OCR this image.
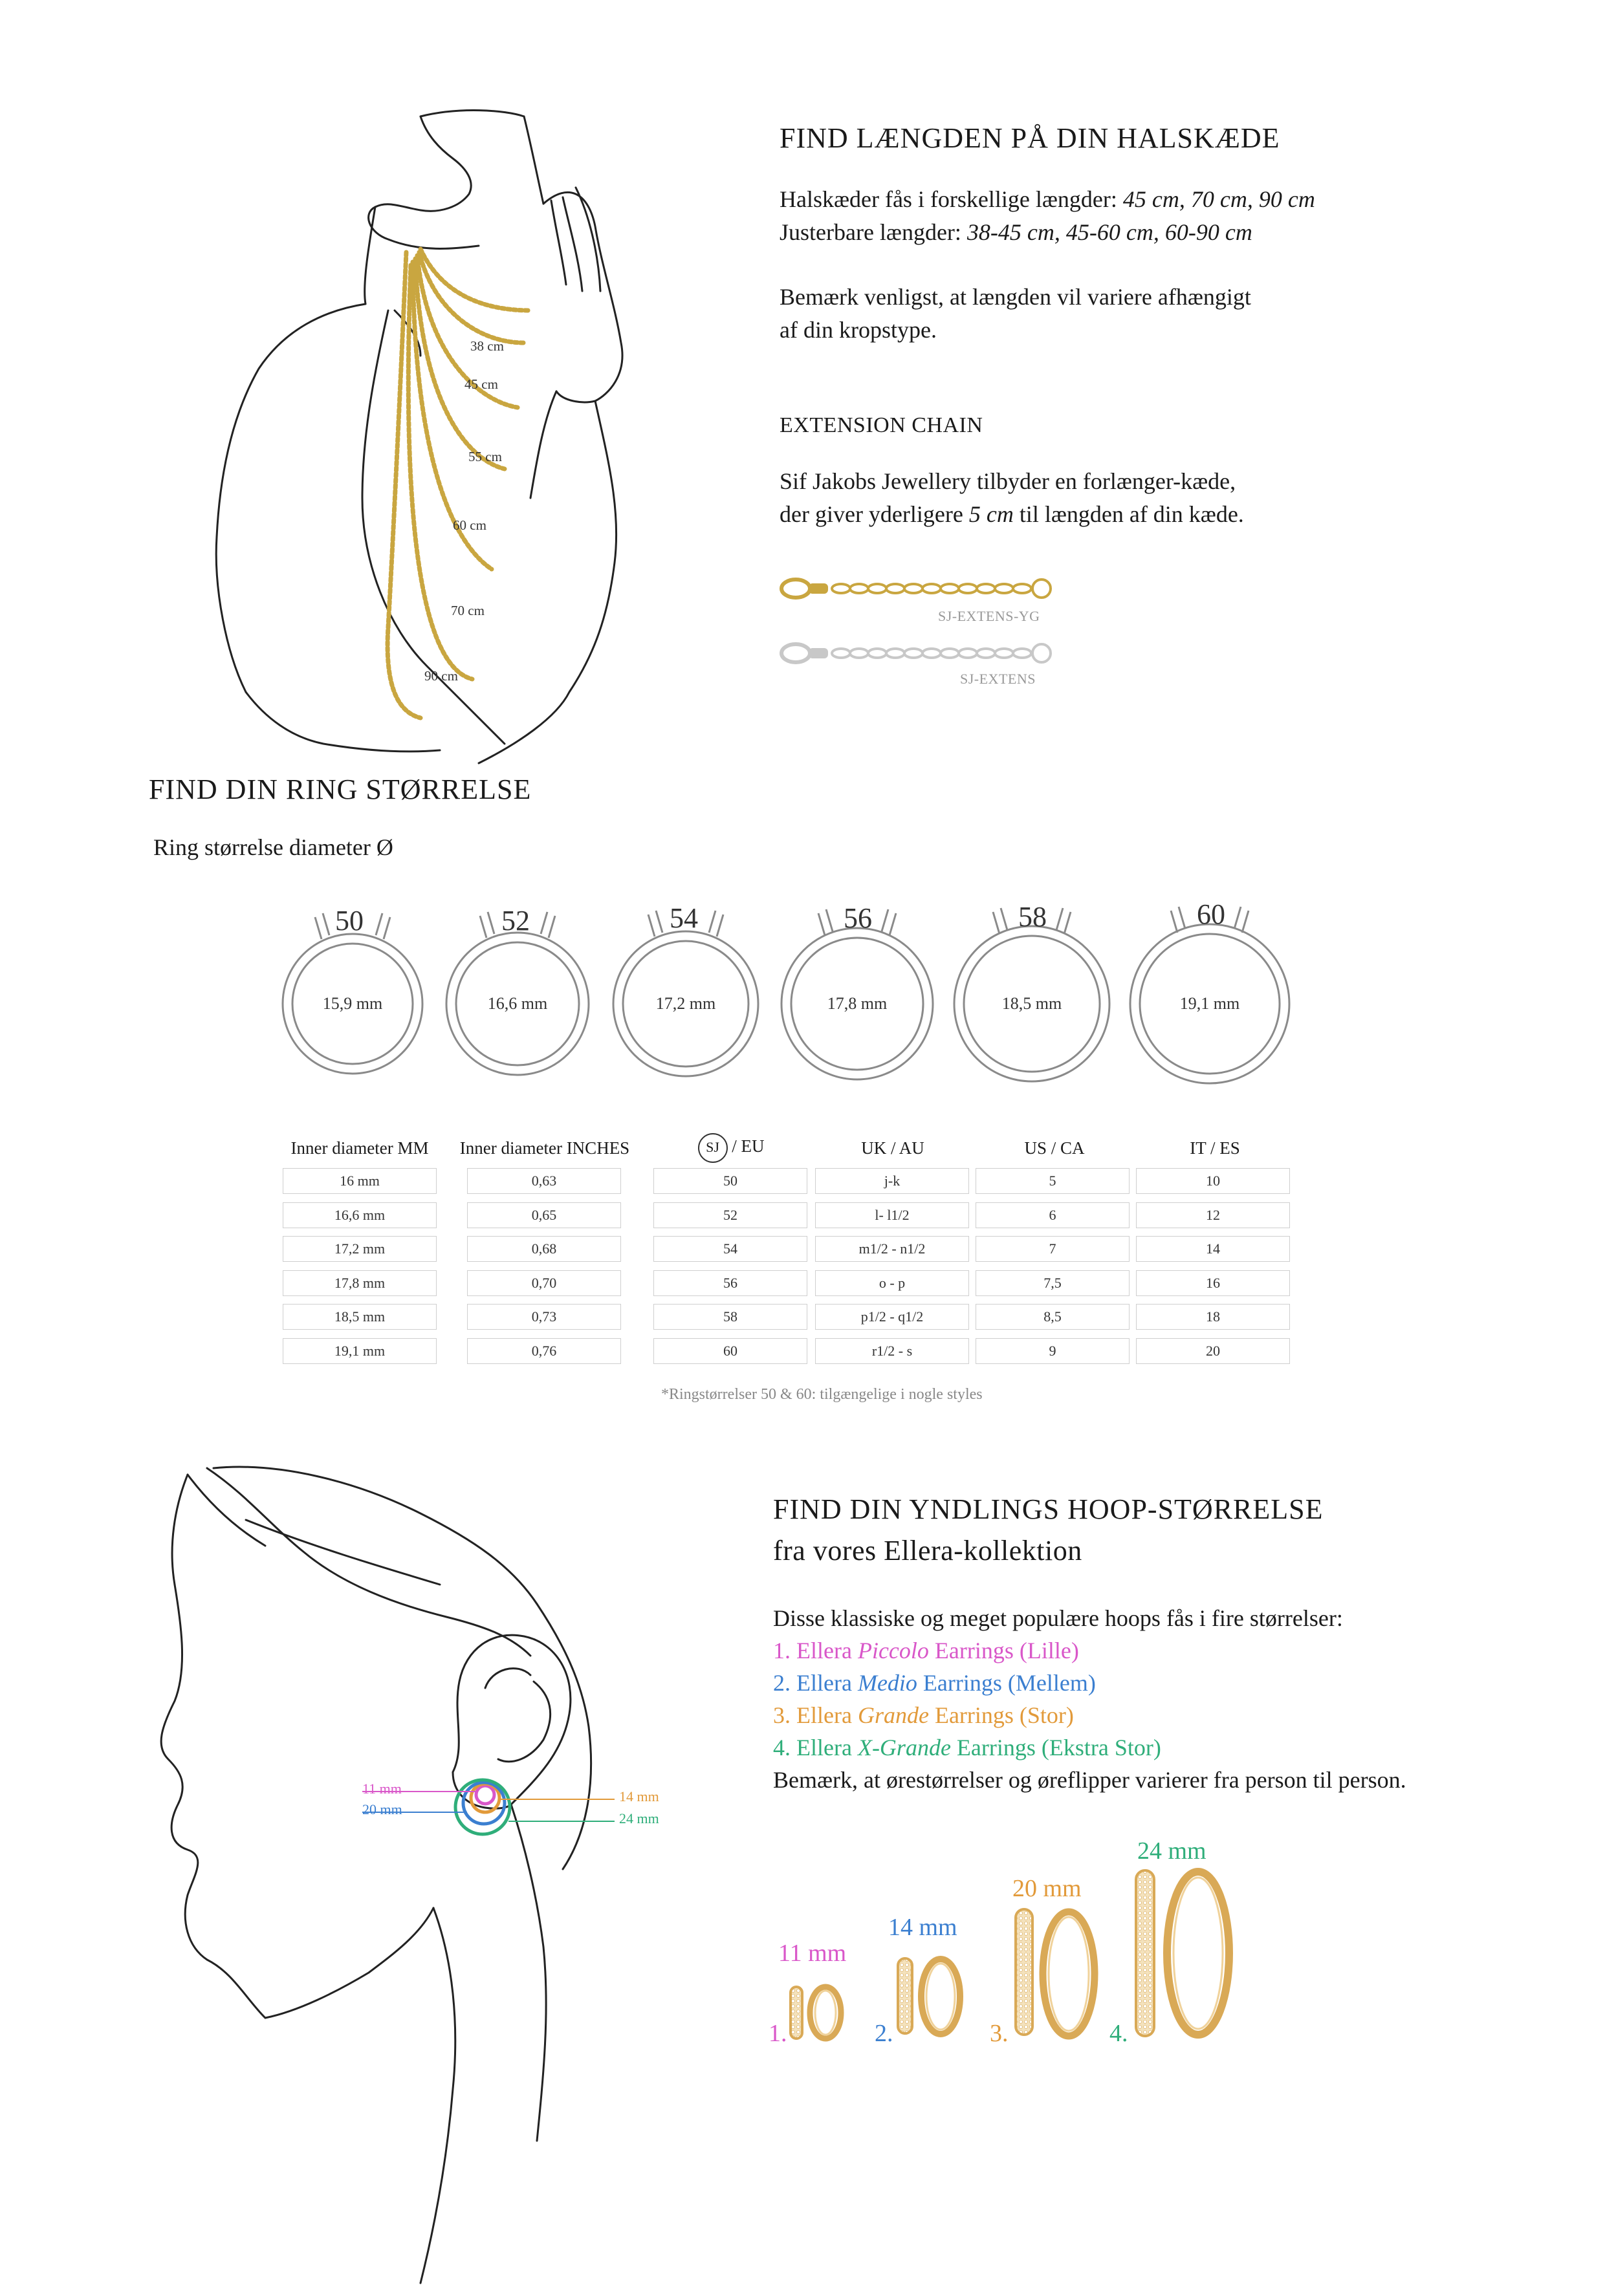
38 cm
45 cm
55 cm
60 cm
70 cm
90 cm
FIND LÆNGDEN PÅ DIN HALSKÆDE
Halskæder fås i forskellige længder: 45 cm, 70 cm, 90 cm
Justerbare længder: 38-45 cm, 45-60 cm, 60-90 cm
Bemærk venligst, at længden vil variere afhængigt
af din kropstype.
EXTENSION CHAIN
Sif Jakobs Jewellery tilbyder en forlænger-kæde,
der giver yderligere 5 cm til længden af din kæde.
SJ-EXTENS-YG
SJ-EXTENS
FIND DIN RING STØRRELSE
Ring størrelse diameter Ø
50	52	54	56	58	60
15,9 mm	16,6 mm	17,2 mm	17,8 mm	18,5 mm	19,1 mm
Inner diameter MM	Inner diameter INCHES	SJ / EU	UK / AU	US / CA	IT / ES
16 mm	0,63	50	j-k	5	10
16,6 mm	0,65	52	l- l1/2	6	12
17,2 mm	0,68	54	m1/2 - n1/2	7	14
17,8 mm	0,70	56	o - p	7,5	16
18,5 mm	0,73	58	p1/2 - q1/2	8,5	18
19,1 mm	0,76	60	r1/2 - s	9	20
*Ringstørrelser 50 & 60: tilgængelige i nogle styles
11 mm
20 mm
14 mm
24 mm
FIND DIN YNDLINGS HOOP-STØRRELSE
fra vores Ellera-kollektion
Disse klassiske og meget populære hoops fås i fire størrelser:
1. Ellera Piccolo Earrings (Lille)
2. Ellera Medio Earrings (Mellem)
3. Ellera Grande Earrings (Stor)
4. Ellera X-Grande Earrings (Ekstra Stor)
Bemærk, at ørestørrelser og øreflipper varierer fra person til person.
11 mm
14 mm
20 mm
24 mm
1.	2.	3.	4.
